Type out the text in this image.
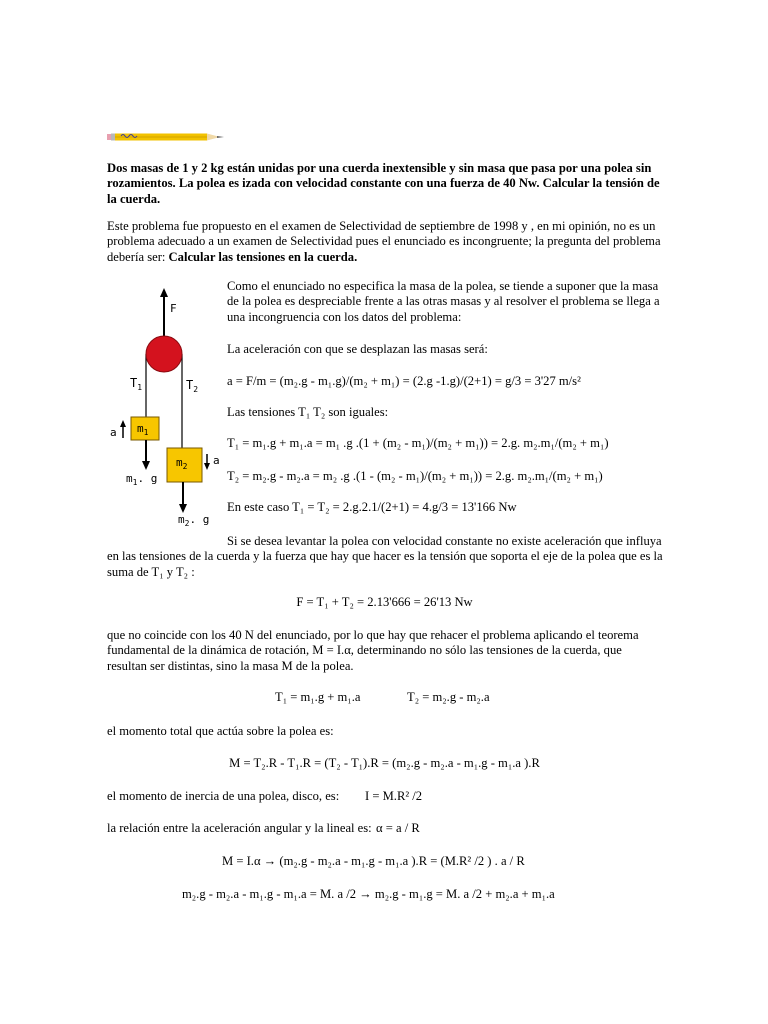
Dos masas de 1 y 2 kg están unidas por una cuerda inextensible y sin masa que pasa por una polea sin rozamientos. La polea es izada con velocidad constante con una fuerza de 40 Nw. Calcular la tensión de la cuerda.

Este problema fue propuesto en el examen de Selectividad de septiembre de 1998 y , en mi opinión, no es un problema adecuado a un examen de Selectividad pues el enunciado es incongruente; la pregunta del problema debería ser: Calcular las tensiones en la cuerda.

F
$T_1$	$T_2$
$m_1$
a
$m_1$. g
$m_2$ a
$m_2$. g

Como el enunciado no especifica la masa de la polea, se tiende a suponer que la masa de la polea es despreciable frente a las otras masas y al resolver el problema se llega a una incongruencia con los datos del problema:

La aceleración con que se desplazan las masas será:

a = F/m = (m₂.g - m₁.g)/(m₂ + m₁) = (2.g -1.g)/(2+1) = g/3 = 3'27 m/s²

Las tensiones T₁ T₂ son iguales:

T₁ = m₁.g + m₁.a = m₁ .g .(1 + (m₂ - m₁)/(m₂ + m₁)) = 2.g. m₂.m₁/(m₂ + m₁)

T₂ = m₂.g - m₂.a = m₂ .g .(1 - (m₂ - m₁)/(m₂ + m₁)) = 2.g. m₂.m₁/(m₂ + m₁)

En este caso T₁ = T₂ = 2.g.2.1/(2+1) = 4.g/3 = 13'166 Nw

Si se desea levantar la polea con velocidad constante no existe aceleración que influya en las tensiones de la cuerda y la fuerza que hay que hacer es la tensión que soporta el eje de la polea que es la suma de T₁ y T₂ :

F = T₁ + T₂ = 2.13'666 = 26'13 Nw

que no coincide con los 40 N del enunciado, por lo que hay que rehacer el problema aplicando el teorema fundamental de la dinámica de rotación, M = I.α, determinando no sólo las tensiones de la cuerda, que resultan ser distintas, sino la masa M de la polea.

T₁ = m₁.g + m₁.a	T₂ = m₂.g - m₂.a

el momento total que actúa sobre la polea es:

M = T₂.R - T₁.R = (T₂ - T₁).R = (m₂.g - m₂.a - m₁.g - m₁.a ).R

el momento de inercia de una polea, disco, es:	I = M.R² /2

la relación entre la aceleración angular y la lineal es: α = a / R

M = I.α → (m₂.g - m₂.a - m₁.g - m₁.a ).R = (M.R² /2 ) . a / R

m₂.g - m₂.a - m₁.g - m₁.a = M. a /2 → m₂.g - m₁.g = M. a /2 + m₂.a + m₁.a
